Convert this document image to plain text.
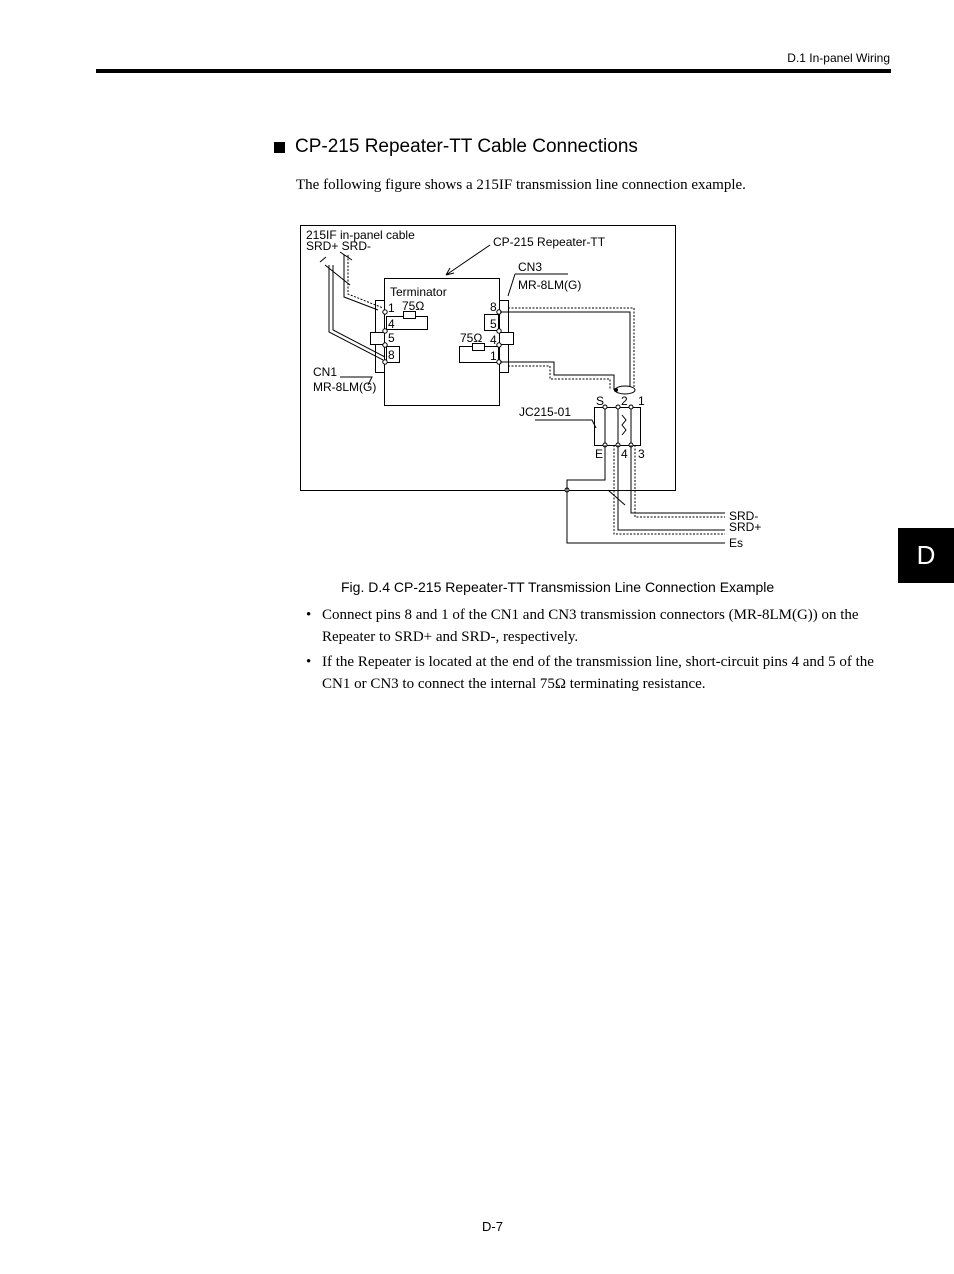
D.1 In-panel Wiring
CP-215 Repeater-TT Cable Connections
The following figure shows a 215IF transmission line connection example.
215IF in-panel cable
SRD+ SRD-	CP-215 Repeater-TT
CN3
MR-8LM(G)
Terminator
75Ω
75Ω
1
4
5
8
8
5
4
1
CN1
MR-8LM(G)
JC215-01
S 2 1
E 4 3
SRD-
SRD+
Es
Fig. D.4 CP-215 Repeater-TT Transmission Line Connection Example
• Connect pins 8 and 1 of the CN1 and CN3 transmission connectors (MR-8LM(G)) on the Repeater to SRD+ and SRD-, respectively.
• If the Repeater is located at the end of the transmission line, short-circuit pins 4 and 5 of the CN1 or CN3 to connect the internal 75Ω terminating resistance.
D
D-7
